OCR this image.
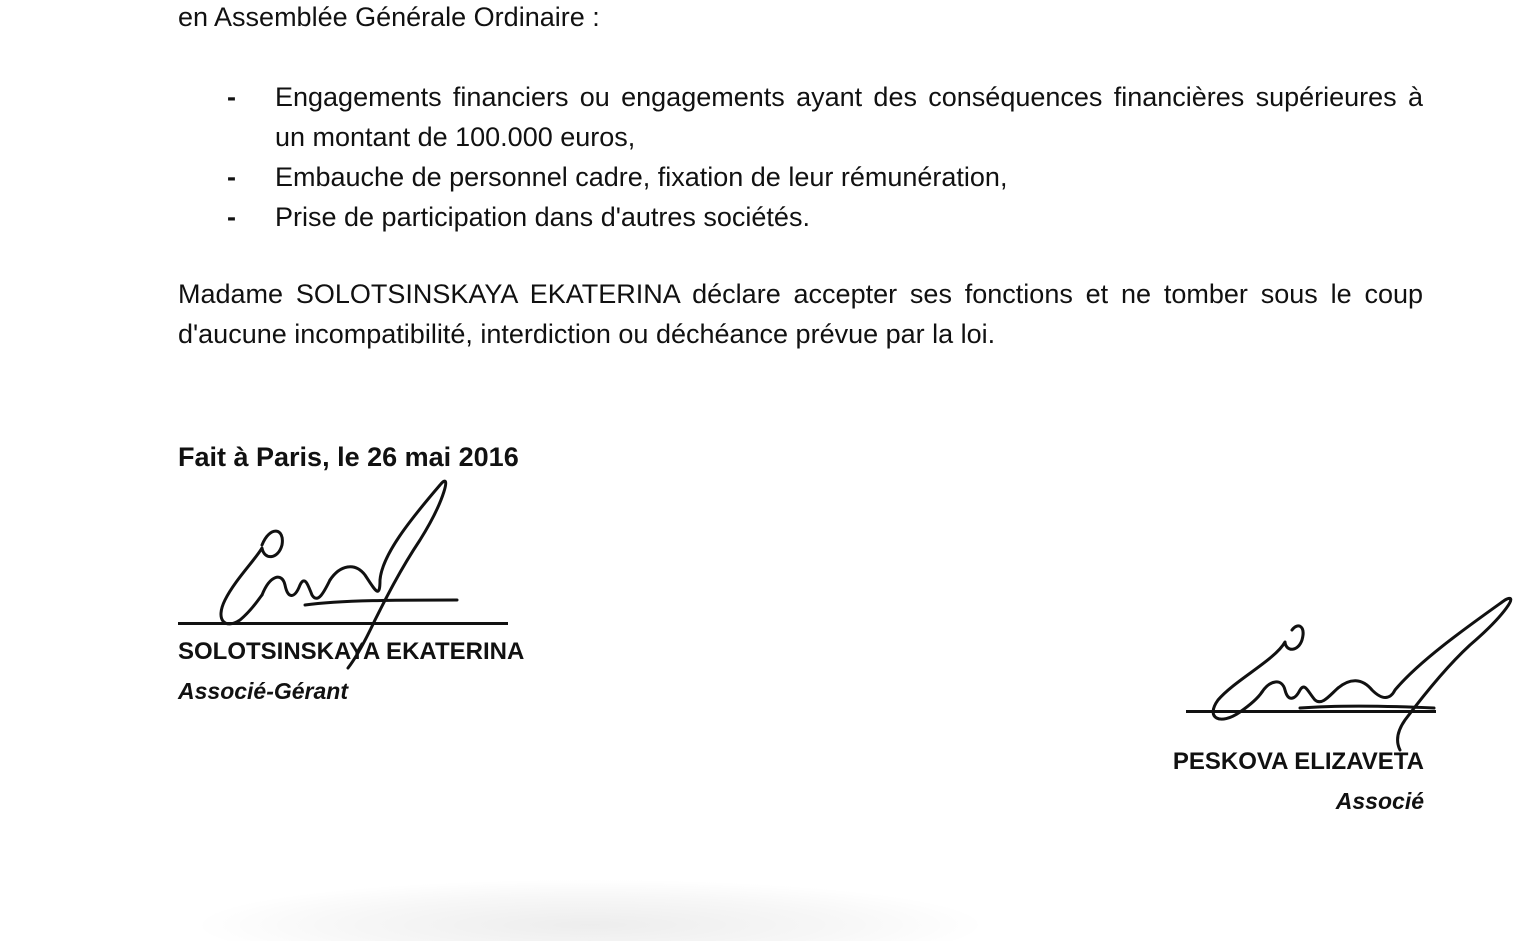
en Assemblée Générale Ordinaire :

- Engagements financiers ou engagements ayant des conséquences financières supérieures à un montant de 100.000 euros,
- Embauche de personnel cadre, fixation de leur rémunération,
- Prise de participation dans d'autres sociétés.

Madame SOLOTSINSKAYA EKATERINA déclare accepter ses fonctions et ne tomber sous le coup d'aucune incompatibilité, interdiction ou déchéance prévue par la loi.

Fait à Paris, le 26 mai 2016

SOLOTSINSKAYA EKATERINA
Associé-Gérant
PESKOVA ELIZAVETA
Associé
